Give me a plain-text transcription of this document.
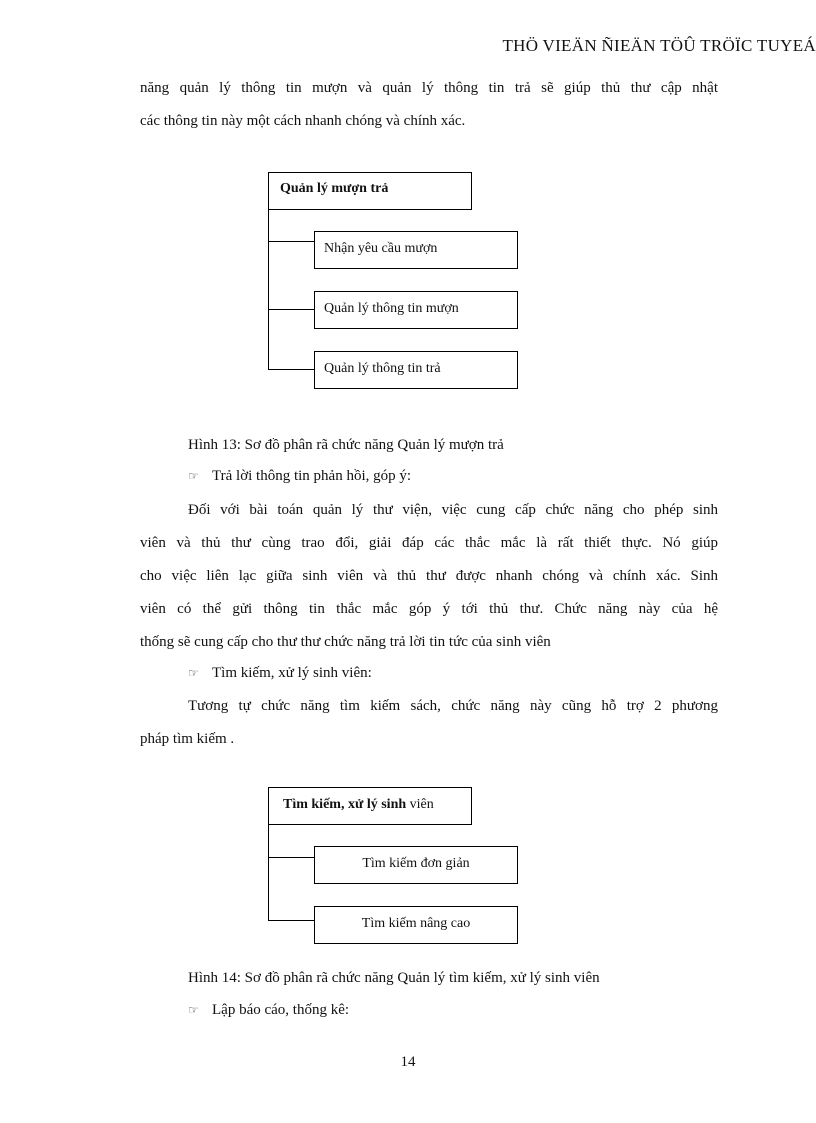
THÖ VIEÄN ÑIEÄN TÖÛ TRÖÏC TUYEÁ
năng quản lý thông tin mượn và quản lý thông tin trả sẽ giúp thủ thư cập nhật
các thông tin này một cách nhanh chóng và chính xác.
Quản lý mượn trả
Nhận yêu cầu mượn
Quản lý thông tin mượn
Quản lý thông tin trả
Hình 13: Sơ đồ phân rã chức năng Quản lý mượn trả
☞ Trả lời thông tin phản hồi, góp ý:
Đối với bài toán quản lý thư viện, việc cung cấp chức năng cho phép sinh
viên và thủ thư cùng trao đổi, giải đáp các thắc mắc là rất thiết thực. Nó giúp
cho việc liên lạc giữa sinh viên và thủ thư được nhanh chóng và chính xác. Sinh
viên có thể gửi thông tin thắc mắc góp ý tới thủ thư. Chức năng này của hệ
thống sẽ cung cấp cho thư thư chức năng trả lời tin tức của sinh viên
☞ Tìm kiếm, xử lý sinh viên:
Tương tự chức năng tìm kiếm sách, chức năng này cũng hỗ trợ 2 phương
pháp tìm kiếm .
Tìm kiếm, xử lý sinh viên
Tìm kiếm đơn giản
Tìm kiếm nâng cao
Hình 14: Sơ đồ phân rã chức năng Quản lý tìm kiếm, xử lý sinh viên
☞ Lập báo cáo, thống kê:
14
